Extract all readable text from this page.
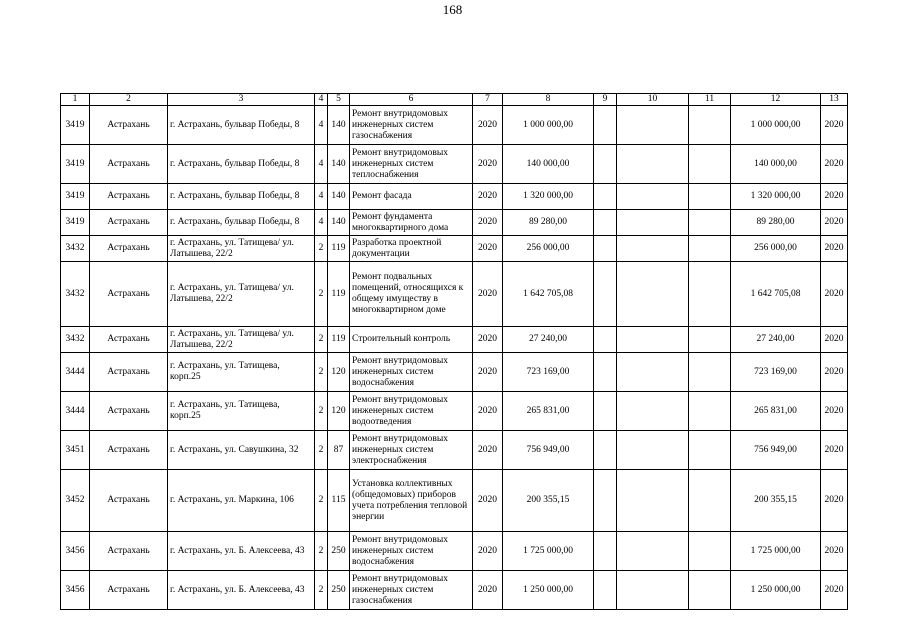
168
1	2	3	4	5	6	7	8	9	10	11	12	13
3419	Астрахань	г. Астрахань, бульвар Победы, 8	4	140	Ремонт внутридомовых инженерных систем газоснабжения	2020	1 000 000,00				1 000 000,00	2020
3419	Астрахань	г. Астрахань, бульвар Победы, 8	4	140	Ремонт внутридомовых инженерных систем теплоснабжения	2020	140 000,00				140 000,00	2020
3419	Астрахань	г. Астрахань, бульвар Победы, 8	4	140	Ремонт фасада	2020	1 320 000,00				1 320 000,00	2020
3419	Астрахань	г. Астрахань, бульвар Победы, 8	4	140	Ремонт фундамента многоквартирного дома	2020	89 280,00				89 280,00	2020
3432	Астрахань	г. Астрахань, ул. Татищева/ ул. Латышева, 22/2	2	119	Разработка проектной документации	2020	256 000,00				256 000,00	2020
3432	Астрахань	г. Астрахань, ул. Татищева/ ул. Латышева, 22/2	2	119	Ремонт подвальных помещений, относящихся к общему имуществу в многоквартирном доме	2020	1 642 705,08				1 642 705,08	2020
3432	Астрахань	г. Астрахань, ул. Татищева/ ул. Латышева, 22/2	2	119	Строительный контроль	2020	27 240,00				27 240,00	2020
3444	Астрахань	г. Астрахань, ул. Татищева, корп.25	2	120	Ремонт внутридомовых инженерных систем водоснабжения	2020	723 169,00				723 169,00	2020
3444	Астрахань	г. Астрахань, ул. Татищева, корп.25	2	120	Ремонт внутридомовых инженерных систем водоотведения	2020	265 831,00				265 831,00	2020
3451	Астрахань	г. Астрахань, ул. Савушкина, 32	2	87	Ремонт внутридомовых инженерных систем электроснабжения	2020	756 949,00				756 949,00	2020
3452	Астрахань	г. Астрахань, ул. Маркина, 106	2	115	Установка коллективных (общедомовых) приборов учета потребления тепловой энергии	2020	200 355,15				200 355,15	2020
3456	Астрахань	г. Астрахань, ул. Б. Алексеева, 43	2	250	Ремонт внутридомовых инженерных систем водоснабжения	2020	1 725 000,00				1 725 000,00	2020
3456	Астрахань	г. Астрахань, ул. Б. Алексеева, 43	2	250	Ремонт внутридомовых инженерных систем газоснабжения	2020	1 250 000,00				1 250 000,00	2020
